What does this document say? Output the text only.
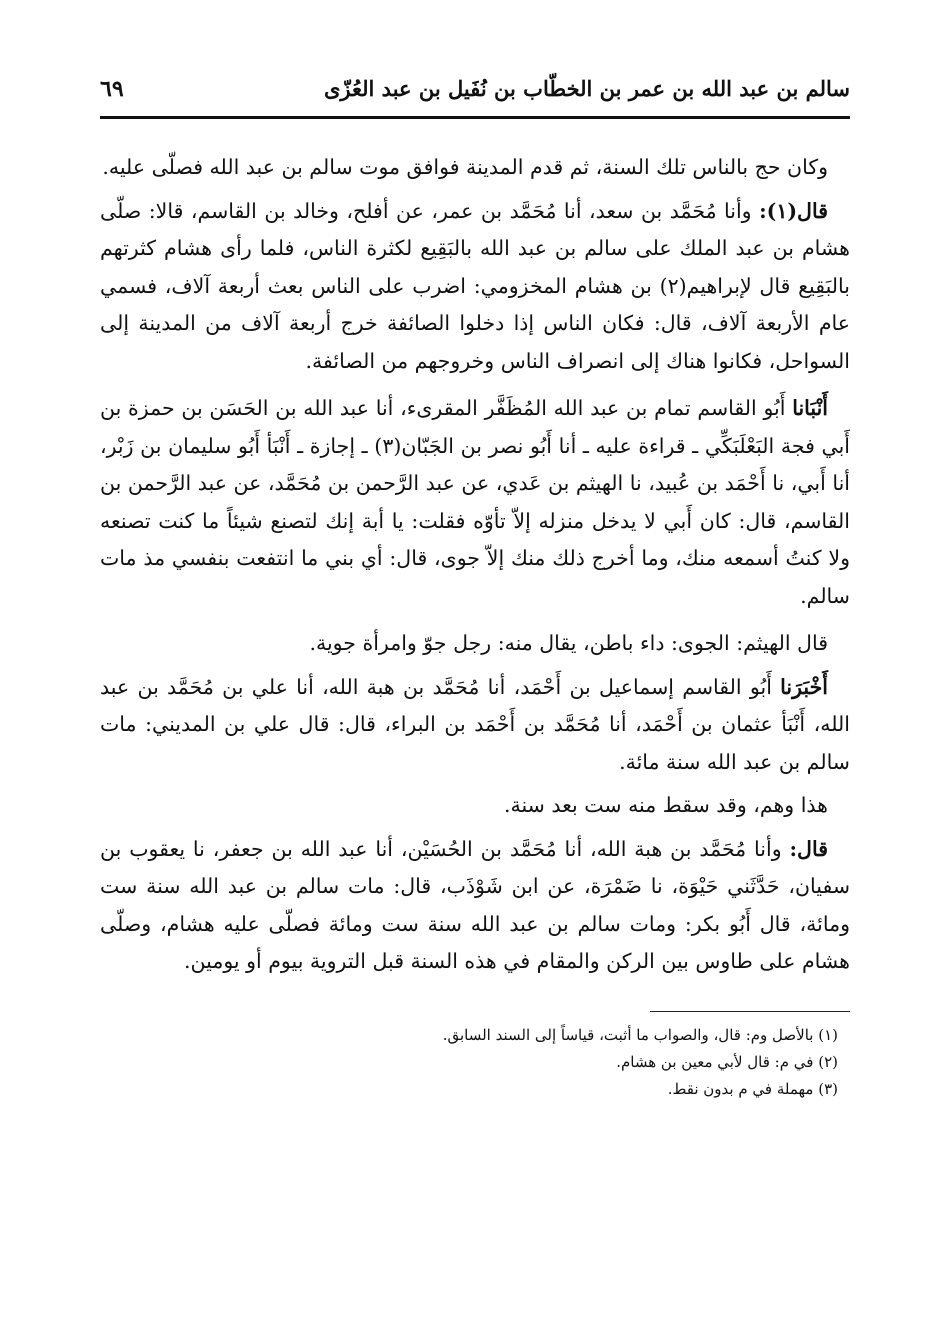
سالم بن عبد الله بن عمر بن الخطّاب بن نُفَيل بن عبد العُزّى
٦٩

وكان حج بالناس تلك السنة، ثم قدم المدينة فوافق موت سالم بن عبد الله فصلّى عليه.

قال(١): وأنا مُحَمَّد بن سعد، أنا مُحَمَّد بن عمر، عن أفلح، وخالد بن القاسم، قالا: صلّى هشام بن عبد الملك على سالم بن عبد الله بالبَقِيع لكثرة الناس، فلما رأى هشام كثرتهم بالبَقِيع قال لإبراهيم(٢) بن هشام المخزومي: اضرب على الناس بعث أربعة آلاف، فسمي عام الأربعة آلاف، قال: فكان الناس إذا دخلوا الصائفة خرج أربعة آلاف من المدينة إلى السواحل، فكانوا هناك إلى انصراف الناس وخروجهم من الصائفة.

أَنْبَانا أَبُو القاسم تمام بن عبد الله المُظَفَّر المقرىء، أنا عبد الله بن الحَسَن بن حمزة بن أَبي فجة البَعْلَبَكِّي ـ قراءة عليه ـ أنا أَبُو نصر بن الجَبّان(٣) ـ إجازة ـ أَنْبَأ أَبُو سليمان بن زَبْر، أنا أَبي، نا أَحْمَد بن عُبيد، نا الهيثم بن عَدي، عن عبد الرَّحمن بن مُحَمَّد، عن عبد الرَّحمن بن القاسم، قال: كان أَبي لا يدخل منزله إلاّ تأوّه فقلت: يا أبة إنك لتصنع شيئاً ما كنت تصنعه ولا كنتُ أسمعه منك، وما أخرج ذلك منك إلاّ جوى، قال: أي بني ما انتفعت بنفسي مذ مات سالم.

قال الهيثم: الجوى: داء باطن، يقال منه: رجل جوّ وامرأة جوية.

أَخْبَرَنا أَبُو القاسم إسماعيل بن أَحْمَد، أنا مُحَمَّد بن هبة الله، أنا علي بن مُحَمَّد بن عبد الله، أَنْبَأ عثمان بن أَحْمَد، أنا مُحَمَّد بن أَحْمَد بن البراء، قال: قال علي بن المديني: مات سالم بن عبد الله سنة مائة.

هذا وهم، وقد سقط منه ست بعد سنة.

قال: وأنا مُحَمَّد بن هبة الله، أنا مُحَمَّد بن الحُسَيْن، أنا عبد الله بن جعفر، نا يعقوب بن سفيان، حَدَّثَني حَيْوَة، نا ضَمْرَة، عن ابن شَوْذَب، قال: مات سالم بن عبد الله سنة ست ومائة، قال أَبُو بكر: ومات سالم بن عبد الله سنة ست ومائة فصلّى عليه هشام، وصلّى هشام على طاوس بين الركن والمقام في هذه السنة قبل التروية بيوم أو يومين.

(١) بالأصل وم: قال، والصواب ما أثبت، قياساً إلى السند السابق.
(٢) في م: قال لأبي معين بن هشام.
(٣) مهملة في م بدون نقط.
